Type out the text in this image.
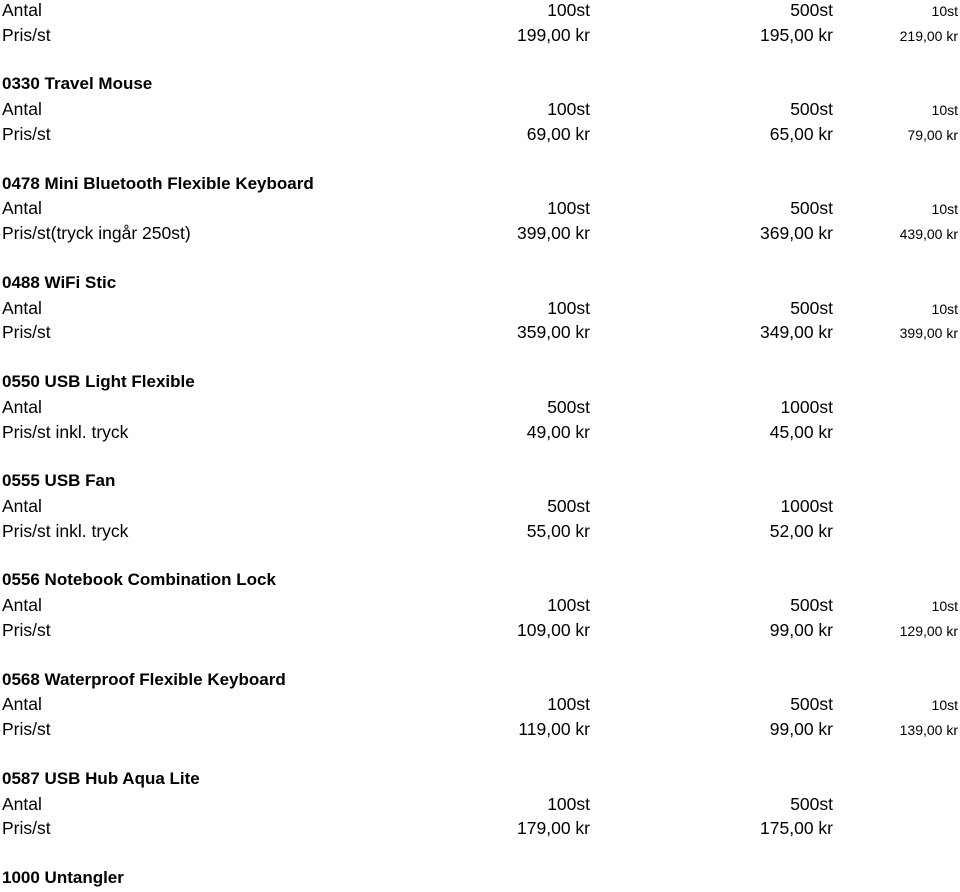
Antal	100st	500st	10st
Pris/st	199,00 kr	195,00 kr	219,00 kr
0330 Travel Mouse
Antal	100st	500st	10st
Pris/st	69,00 kr	65,00 kr	79,00 kr
0478 Mini Bluetooth Flexible Keyboard
Antal	100st	500st	10st
Pris/st(tryck ingår 250st)	399,00 kr	369,00 kr	439,00 kr
0488 WiFi Stic
Antal	100st	500st	10st
Pris/st	359,00 kr	349,00 kr	399,00 kr
0550 USB Light Flexible
Antal	500st	1000st
Pris/st inkl. tryck	49,00 kr	45,00 kr
0555 USB Fan
Antal	500st	1000st
Pris/st inkl. tryck	55,00 kr	52,00 kr
0556 Notebook Combination Lock
Antal	100st	500st	10st
Pris/st	109,00 kr	99,00 kr	129,00 kr
0568 Waterproof Flexible Keyboard
Antal	100st	500st	10st
Pris/st	119,00 kr	99,00 kr	139,00 kr
0587 USB Hub Aqua Lite
Antal	100st	500st
Pris/st	179,00 kr	175,00 kr
1000 Untangler
